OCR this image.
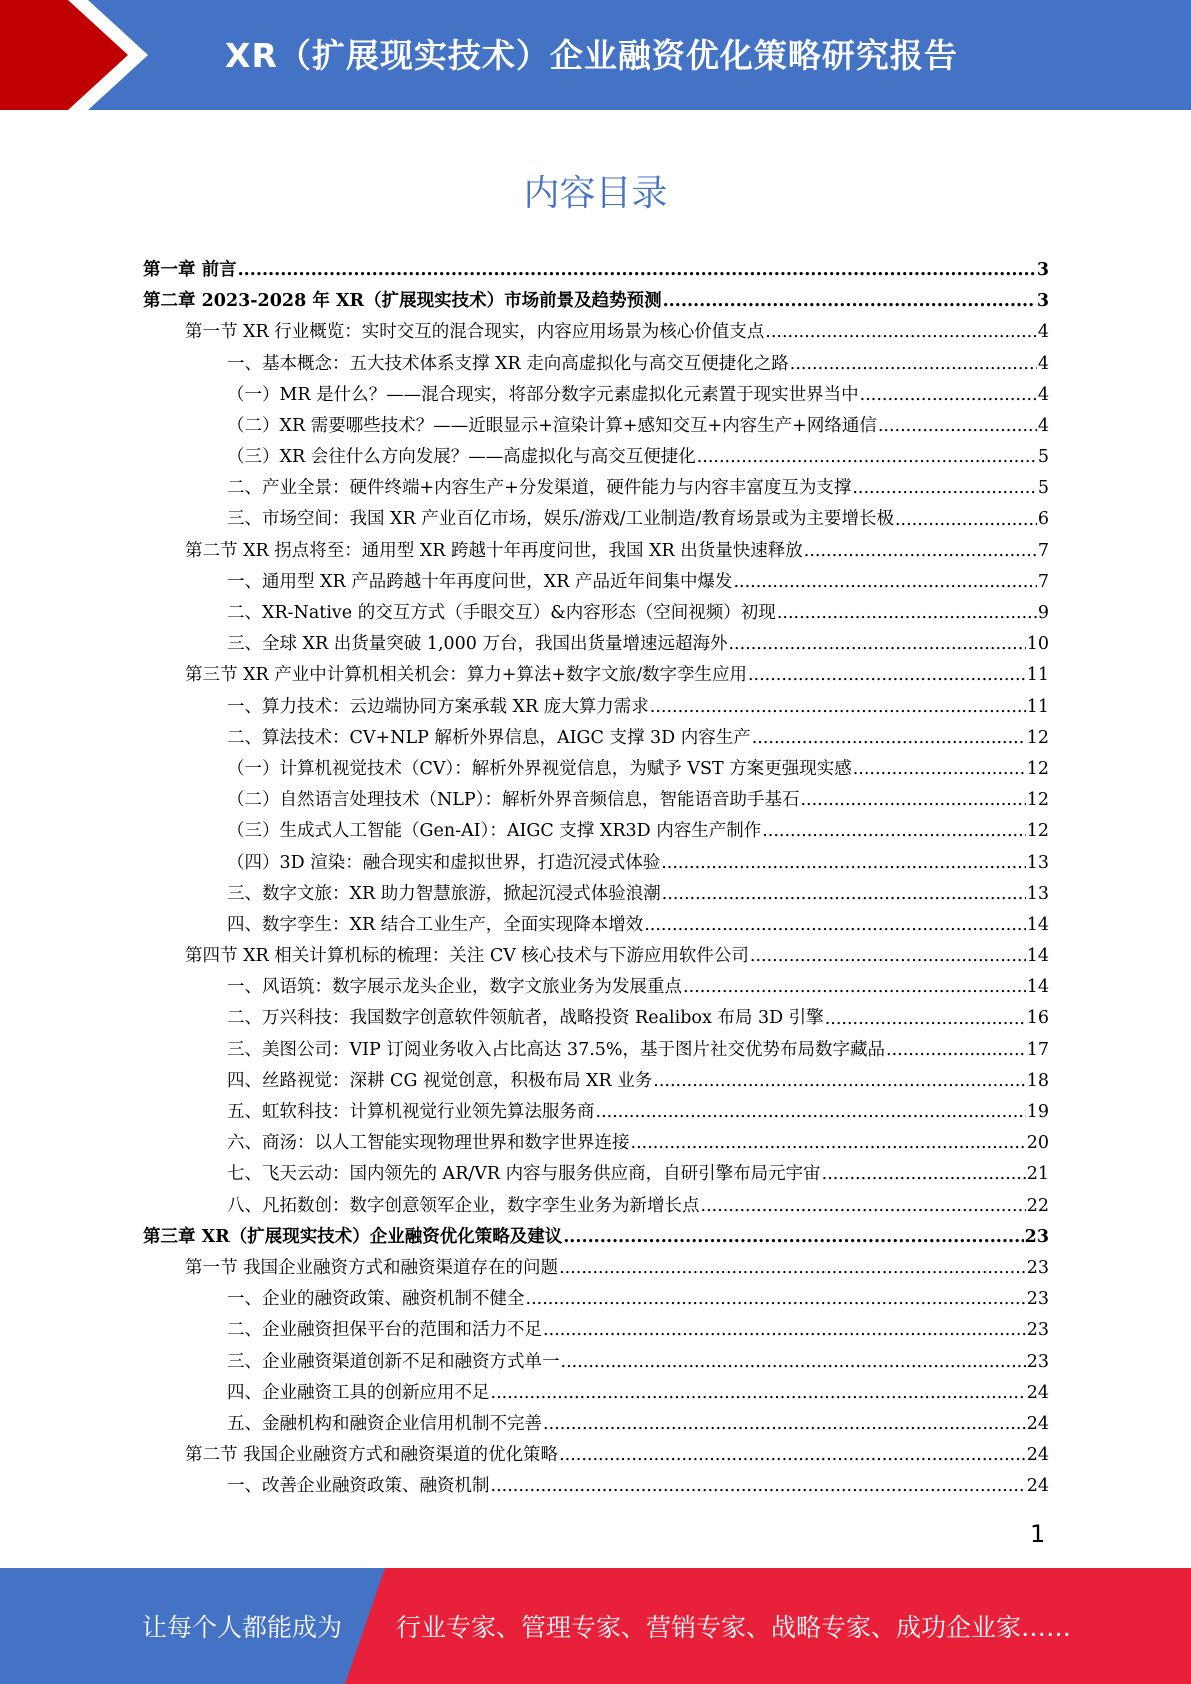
XR（扩展现实技术）企业融资优化策略研究报告
内容目录
第一章 前言 .....	3
第二章 2023-2028 年 XR（扩展现实技术）市场前景及趋势预测 .....	3
第一节 XR 行业概览：实时交互的混合现实，内容应用场景为核心价值支点 .....	4
一、基本概念：五大技术体系支撑 XR 走向高虚拟化与高交互便捷化之路 .....	4
（一）MR 是什么？——混合现实，将部分数字元素虚拟化元素置于现实世界当中 .....	4
（二）XR 需要哪些技术？——近眼显示+渲染计算+感知交互+内容生产+网络通信 .....	4
（三）XR 会往什么方向发展？——高虚拟化与高交互便捷化 .....	5
二、产业全景：硬件终端+内容生产+分发渠道，硬件能力与内容丰富度互为支撑 .....	5
三、市场空间：我国 XR 产业百亿市场，娱乐/游戏/工业制造/教育场景或为主要增长极 .....	6
第二节 XR 拐点将至：通用型 XR 跨越十年再度问世，我国 XR 出货量快速释放 .....	7
一、通用型 XR 产品跨越十年再度问世，XR 产品近年间集中爆发 .....	7
二、XR-Native 的交互方式（手眼交互）&内容形态（空间视频）初现 .....	9
三、全球 XR 出货量突破 1,000 万台，我国出货量增速远超海外 .....	10
第三节 XR 产业中计算机相关机会：算力+算法+数字文旅/数字孪生应用 .....	11
一、算力技术：云边端协同方案承载 XR 庞大算力需求 .....	11
二、算法技术：CV+NLP 解析外界信息，AIGC 支撑 3D 内容生产 .....	12
（一）计算机视觉技术（CV）：解析外界视觉信息，为赋予 VST 方案更强现实感 .....	12
（二）自然语言处理技术（NLP）：解析外界音频信息，智能语音助手基石 .....	12
（三）生成式人工智能（Gen-AI）：AIGC 支撑 XR3D 内容生产制作 .....	12
（四）3D 渲染：融合现实和虚拟世界，打造沉浸式体验 .....	13
三、数字文旅：XR 助力智慧旅游，掀起沉浸式体验浪潮 .....	13
四、数字孪生：XR 结合工业生产，全面实现降本增效 .....	14
第四节 XR 相关计算机标的梳理：关注 CV 核心技术与下游应用软件公司 .....	14
一、风语筑：数字展示龙头企业，数字文旅业务为发展重点 .....	14
二、万兴科技：我国数字创意软件领航者，战略投资 Realibox 布局 3D 引擎 .....	16
三、美图公司：VIP 订阅业务收入占比高达 37.5%，基于图片社交优势布局数字藏品 .....	17
四、丝路视觉：深耕 CG 视觉创意，积极布局 XR 业务 .....	18
五、虹软科技：计算机视觉行业领先算法服务商 .....	19
六、商汤：以人工智能实现物理世界和数字世界连接 .....	20
七、飞天云动：国内领先的 AR/VR 内容与服务供应商，自研引擎布局元宇宙 .....	21
八、凡拓数创：数字创意领军企业，数字孪生业务为新增长点 .....	22
第三章 XR（扩展现实技术）企业融资优化策略及建议 .....	23
第一节 我国企业融资方式和融资渠道存在的问题 .....	23
一、企业的融资政策、融资机制不健全 .....	23
二、企业融资担保平台的范围和活力不足 .....	23
三、企业融资渠道创新不足和融资方式单一 .....	23
四、企业融资工具的创新应用不足 .....	24
五、金融机构和融资企业信用机制不完善 .....	24
第二节 我国企业融资方式和融资渠道的优化策略 .....	24
一、改善企业融资政策、融资机制 .....	24
1
让每个人都能成为 行业专家、管理专家、营销专家、战略专家、成功企业家……
